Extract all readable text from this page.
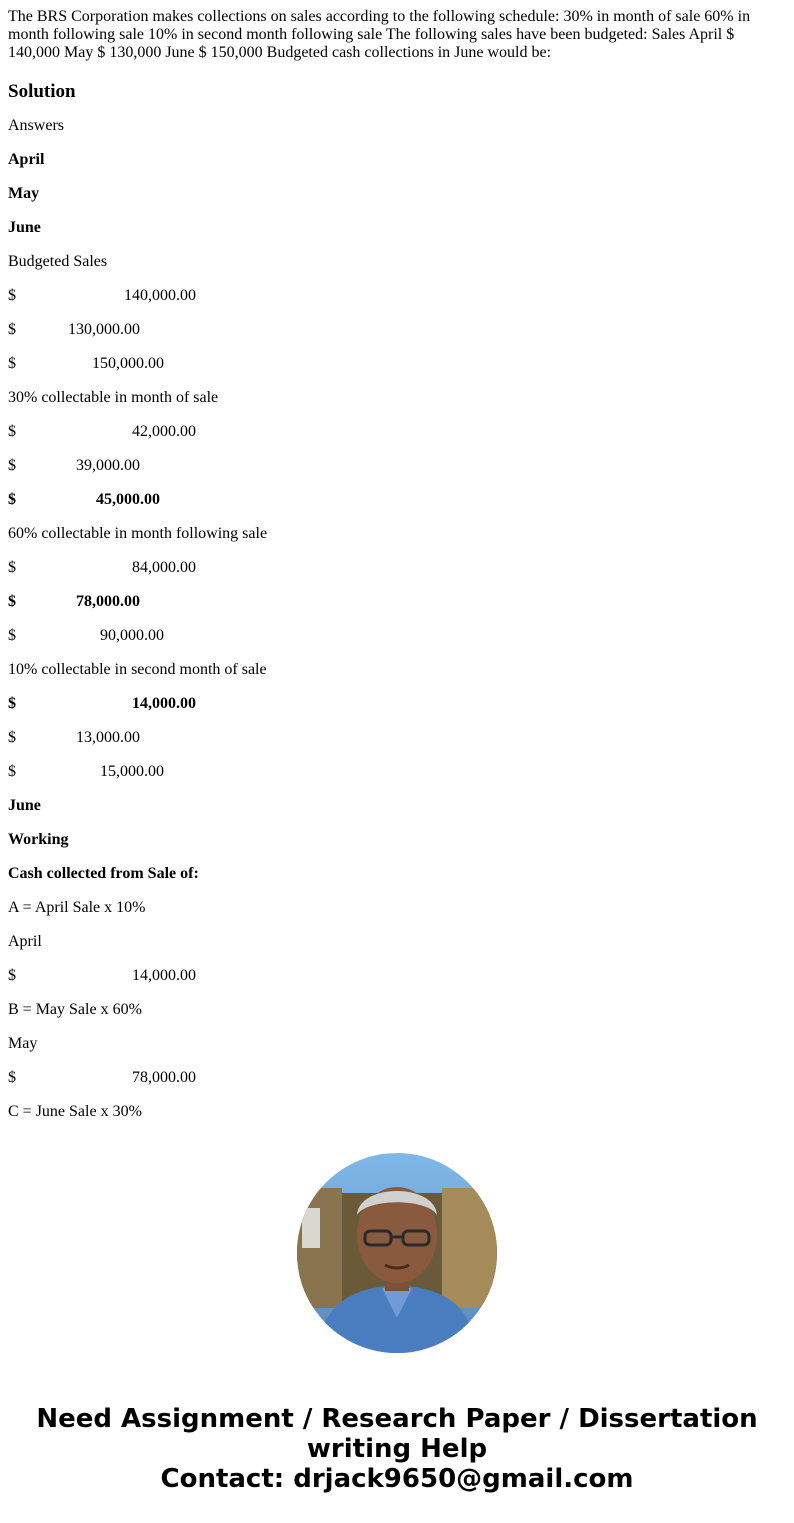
The BRS Corporation makes collections on sales according to the following schedule: 30% in month of sale 60% in month following sale 10% in second month following sale The following sales have been budgeted: Sales April $ 140,000 May $ 130,000 June $ 150,000 Budgeted cash collections in June would be:

Solution

Answers

April

May

June

Budgeted Sales

$	140,000.00

$	130,000.00

$	150,000.00

30% collectable in month of sale

$	42,000.00

$	39,000.00

$	45,000.00

60% collectable in month following sale

$	84,000.00

$	78,000.00

$	90,000.00

10% collectable in second month of sale

$	14,000.00

$	13,000.00

$	15,000.00

June

Working

Cash collected from Sale of:

A = April Sale x 10%

April

$	14,000.00

B = May Sale x 60%

May

$	78,000.00

C = June Sale x 30%

Need Assignment / Research Paper / Dissertation
writing Help
Contact: drjack9650@gmail.com
